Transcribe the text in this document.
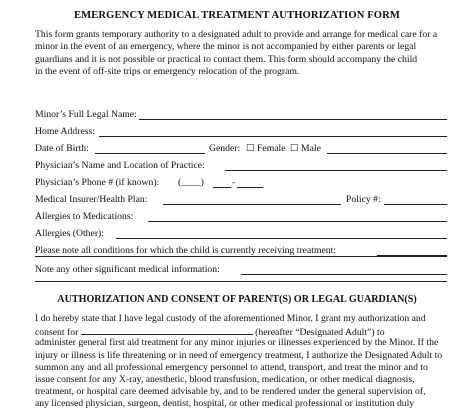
EMERGENCY MEDICAL TREATMENT AUTHORIZATION FORM
This form grants temporary authority to a designated adult to provide and arrange for medical care for a
minor in the event of an emergency, where the minor is not accompanied by either parents or legal
guardians and it is not possible or practical to contact them. This form should accompany the child
in the event of off-site trips or emergency relocation of the program.
Minor’s Full Legal Name:
Home Address:
Date of Birth:	Gender: ☐ Female ☐ Male
Physician’s Name and Location of Practice:
Physician’s Phone # (if known): (____)	-
Medical Insurer/Health Plan:	Policy #:
Allergies to Medications:
Allergies (Other):
Please note all conditions for which the child is currently receiving treatment:
Note any other significant medical information:
AUTHORIZATION AND CONSENT OF PARENT(S) OR LEGAL GUARDIAN(S)
I do hereby state that I have legal custody of the aforementioned Minor. I grant my authorization and
consent for	(hereafter “Designated Adult”) to
administer general first aid treatment for any minor injuries or illnesses experienced by the Minor. If the
injury or illness is life threatening or in need of emergency treatment, I authorize the Designated Adult to
summon any and all professional emergency personnel to attend, transport, and treat the minor and to
issue consent for any X-ray, anesthetic, blood transfusion, medication, or other medical diagnosis,
treatment, or hospital care deemed advisable by, and to be rendered under the general supervision of,
any licensed physician, surgeon, dentist, hospital, or other medical professional or institution duly
